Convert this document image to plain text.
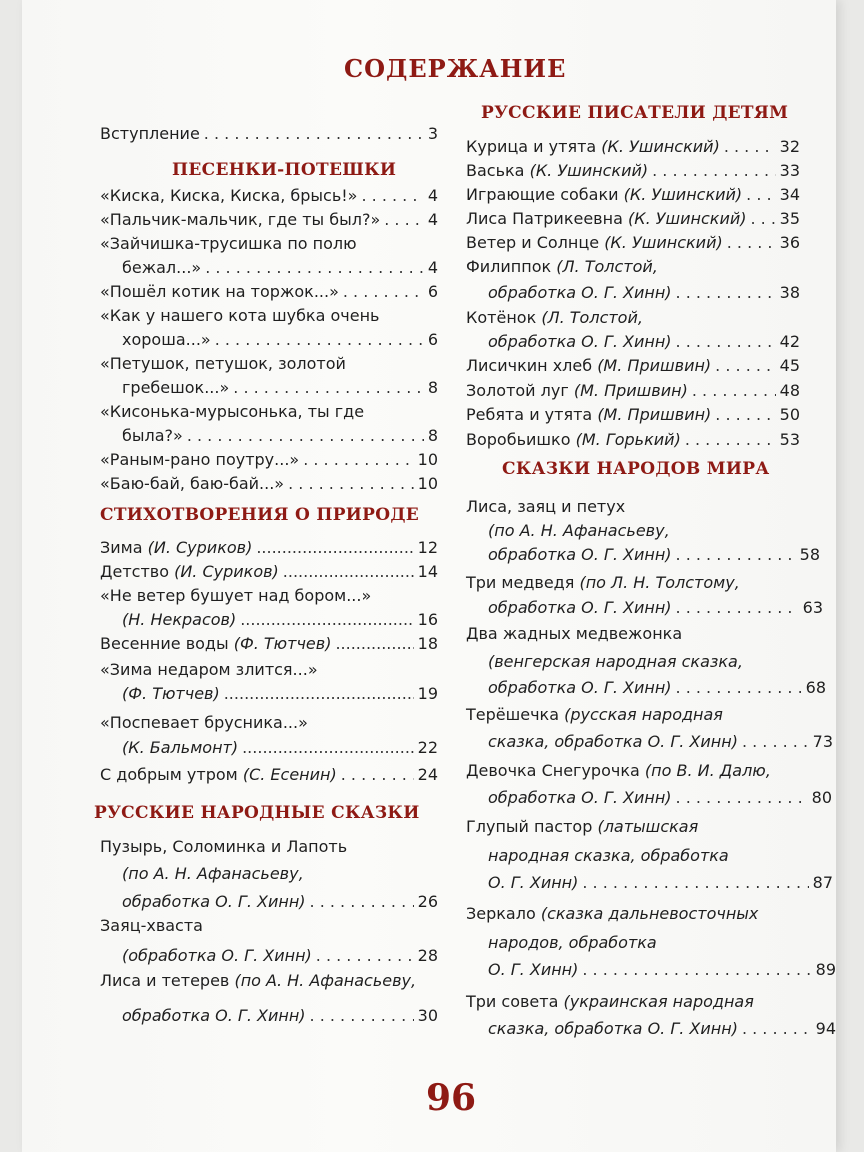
СОДЕРЖАНИЕ
Вступление . . .	3
ПЕСЕНКИ-ПОТЕШКИ
«Киска, Киска, Киска, брысь!» . . .	4
«Пальчик-мальчик, где ты был?» . . .	4
«Зайчишка-трусишка по полю
бежал...» . . .	4
«Пошёл котик на торжок...» . . .	6
«Как у нашего кота шубка очень
хороша...» . . .	6
«Петушок, петушок, золотой
гребешок...» . . .	8
«Кисонька-мурысонька, ты где
была?» . . .	8
«Раным-рано поутру...» . . .	10
«Баю-бай, баю-бай...» . . .	10
СТИХОТВОРЕНИЯ О ПРИРОДЕ
Зима
(И. Суриков) .....	12
Детство
(И. Суриков) .....	14
«Не ветер бушует над бором...»
(Н. Некрасов) .....	16
Весенние воды
(Ф. Тютчев) .....	18
«Зима недаром злится...»
(Ф. Тютчев) .....	19
«Поспевает брусника...»
(К. Бальмонт) .....	22
С добрым утром
(С. Есенин) . . .	24
РУССКИЕ НАРОДНЫЕ СКАЗКИ
Пузырь, Соломинка и Лапоть
(по А. Н. Афанасьеву,
обработка О. Г. Хинн) . . .	26
Заяц-хваста
(обработка О. Г. Хинн) . . .	28
Лиса и тетерев
(по А. Н. Афанасьеву,
обработка О. Г. Хинн) . . .	30
РУССКИЕ ПИСАТЕЛИ ДЕТЯМ
Курица и утята
(К. Ушинский) . . .	32
Васька
(К. Ушинский) . . .	33
Играющие собаки
(К. Ушинский) . . . 34
Лиса Патрикеевна
(К. Ушинский) . . . 35
Ветер и Солнце
(К. Ушинский) . . .	36
Филиппок
(Л. Толстой,
обработка О. Г. Хинн) . . .	38
Котёнок
(Л. Толстой,
обработка О. Г. Хинн) . . .	42
Лисичкин хлеб
(М. Пришвин) . . .	45
Золотой луг
(М. Пришвин) . . .	48
Ребята и утята
(М. Пришвин) . . .	50
Воробьишко
(М. Горький) . . .	53
СКАЗКИ НАРОДОВ МИРА
Лиса, заяц и петух
(по А. Н. Афанасьеву,
обработка О. Г. Хинн) . . .	58
Три медведя
(по Л. Н. Толстому,
обработка О. Г. Хинн) . . .	63
Два жадных медвежонка
(венгерская народная сказка,
обработка О. Г. Хинн) . . .	68
Терёшечка
(русская народная
сказка, обработка О. Г. Хинн) . . .	73
Девочка Снегурочка
(по В. И. Далю,
обработка О. Г. Хинн) . . .	80
Глупый пастор
(латышская
народная сказка, обработка
О. Г. Хинн) . . .	87
Зеркало
(сказка дальневосточных
народов, обработка
О. Г. Хинн) . . .	89
Три совета
(украинская народная
сказка, обработка О. Г. Хинн) . . .	94
96
